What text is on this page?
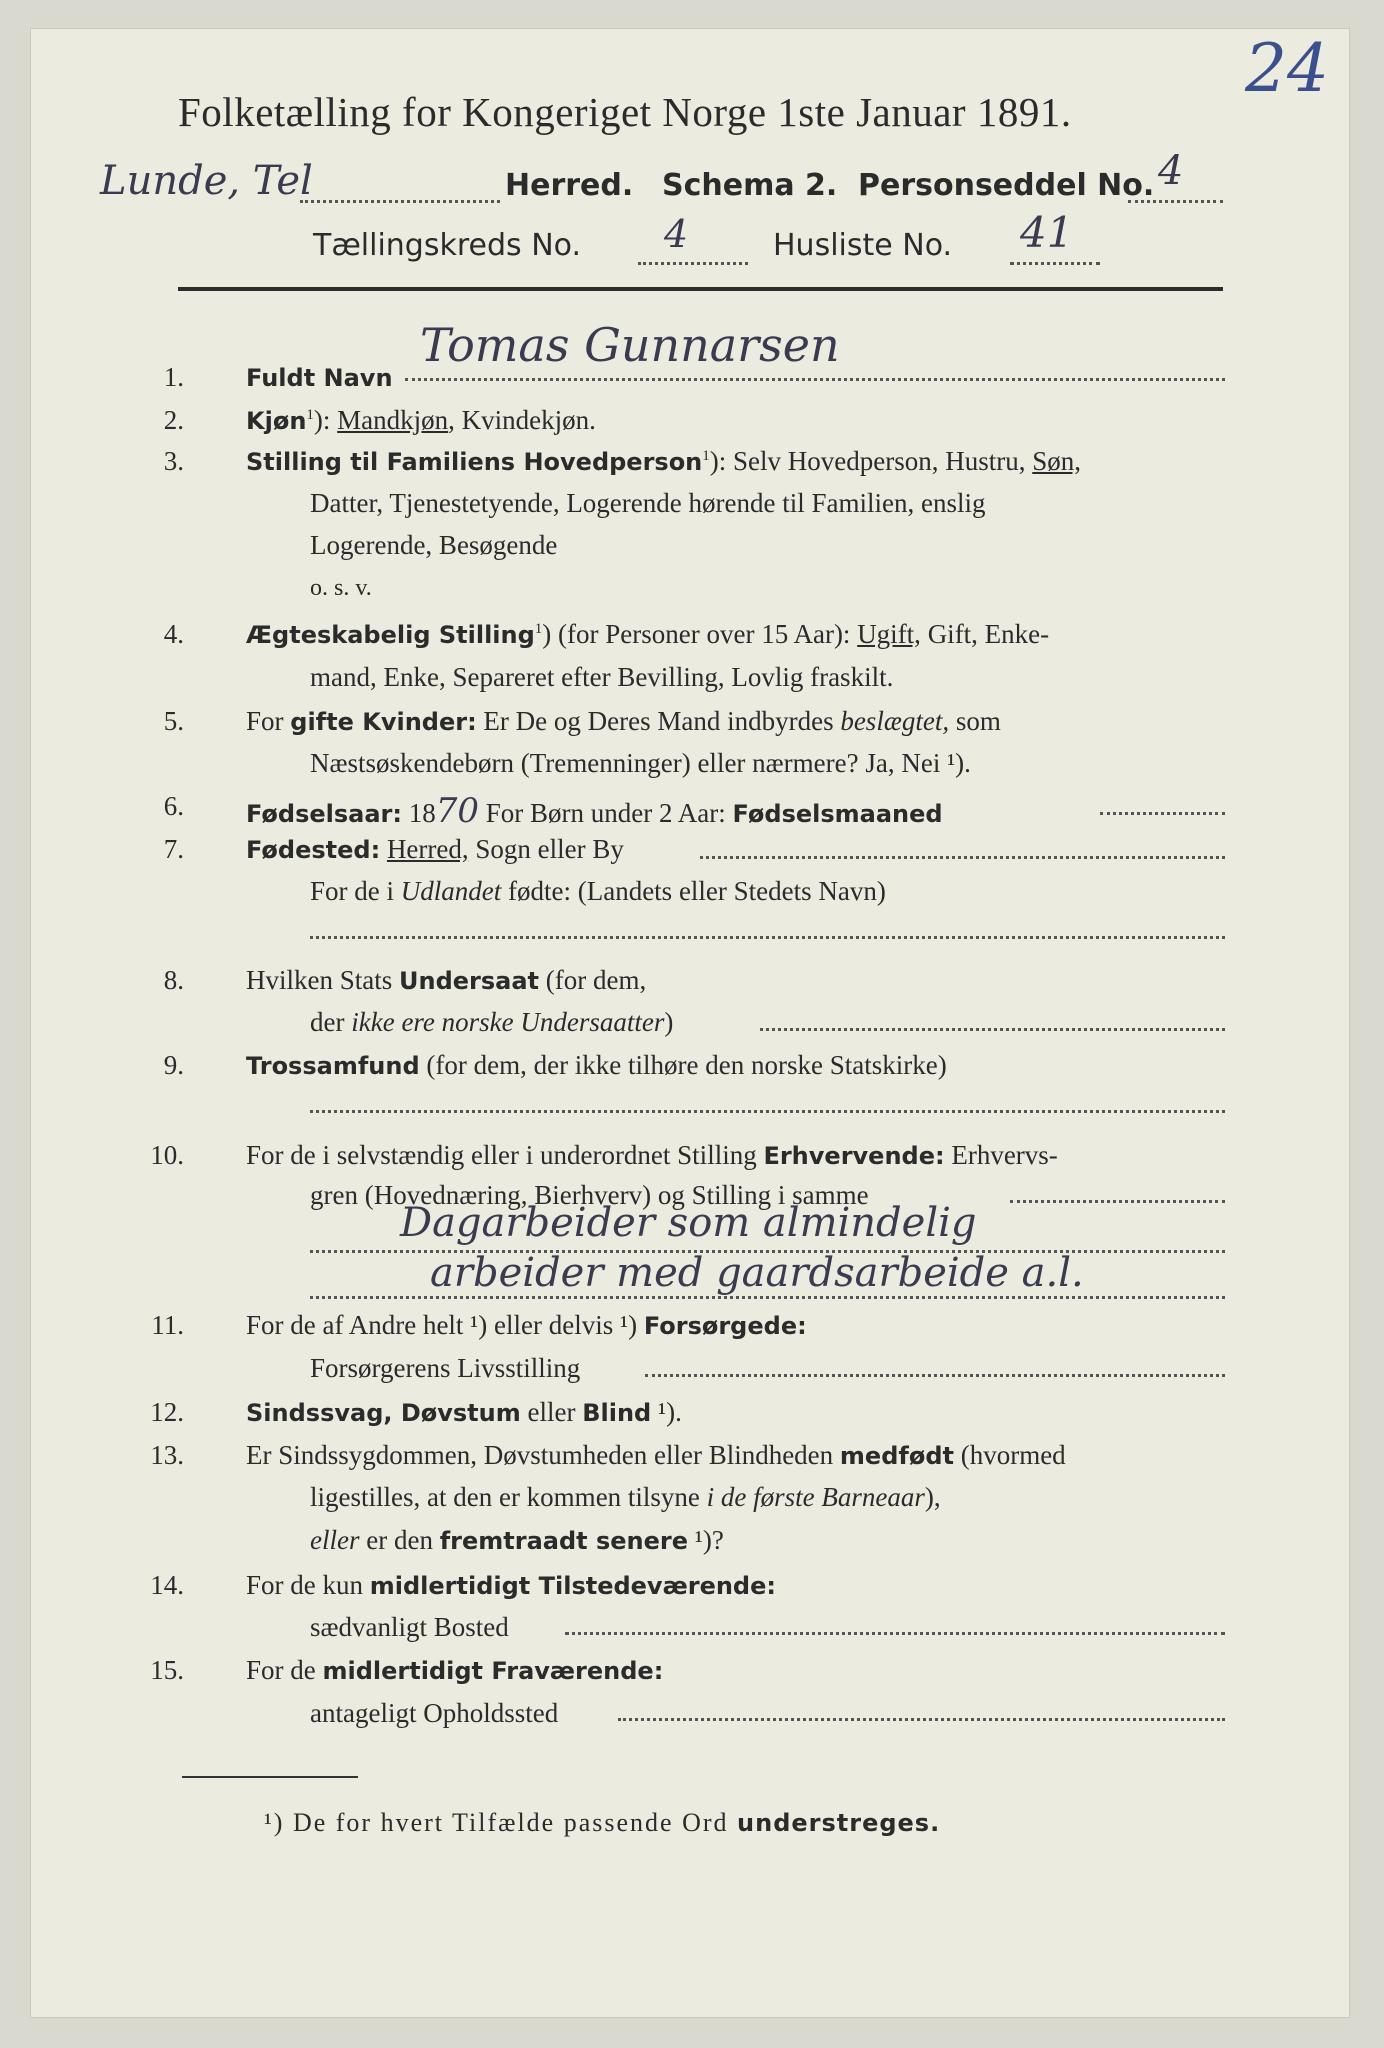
Folketælling for Kongeriget Norge 1ste Januar 1891.
24
Lunde, Tel	Herred. Schema 2. Personseddel No. 4
Tællingskreds No. 4	Husliste No. 41
1.	Fuldt Navn
Tomas Gunnarsen
2.	Kjøn$^1$): Mandkjøn, Kvindekjøn.
3.	Stilling til Familiens Hovedperson$^1$): Selv Hovedperson, Hustru, Søn,
Datter, Tjenestetyende, Logerende hørende til Familien, enslig
Logerende, Besøgende
o. s. v.
4.	Ægteskabelig Stilling$^1$) (for Personer over 15 Aar): Ugift, Gift, Enke-
mand, Enke, Separeret efter Bevilling, Lovlig fraskilt.
5. For gifte Kvinder: Er De og Deres Mand indbyrdes beslægtet, som
Næstsøskendebørn (Tremenninger) eller nærmere? Ja, Nei ¹).
6.	Fødselsaar: 1870 For Børn under 2 Aar: Fødselsmaaned
7.	Fødested: Herred, Sogn eller By
For de i Udlandet fødte: (Landets eller Stedets Navn)
8. Hvilken Stats Undersaat (for dem,
der ikke ere norske Undersaatter)
9.	Trossamfund (for dem, der ikke tilhøre den norske Statskirke)
10. For de i selvstændig eller i underordnet Stilling Erhvervende: Erhvervs-
gren (Hovednæring, Bierhverv) og Stilling i samme
Dagarbeider som almindelig
arbeider med gaardsarbeide a.l.
11. For de af Andre helt ¹) eller delvis ¹) Forsørgede:
Forsørgerens Livsstilling
12.	Sindssvag, Døvstum eller Blind ¹).
13. Er Sindssygdommen, Døvstumheden eller Blindheden medfødt (hvormed
ligestilles, at den er kommen tilsyne i de første Barneaar),
eller er den fremtraadt senere ¹)?
14. For de kun midlertidigt Tilstedeværende:
sædvanligt Bosted
15. For de midlertidigt Fraværende:
antageligt Opholdssted
¹) De for hvert Tilfælde passende Ord understreges.
